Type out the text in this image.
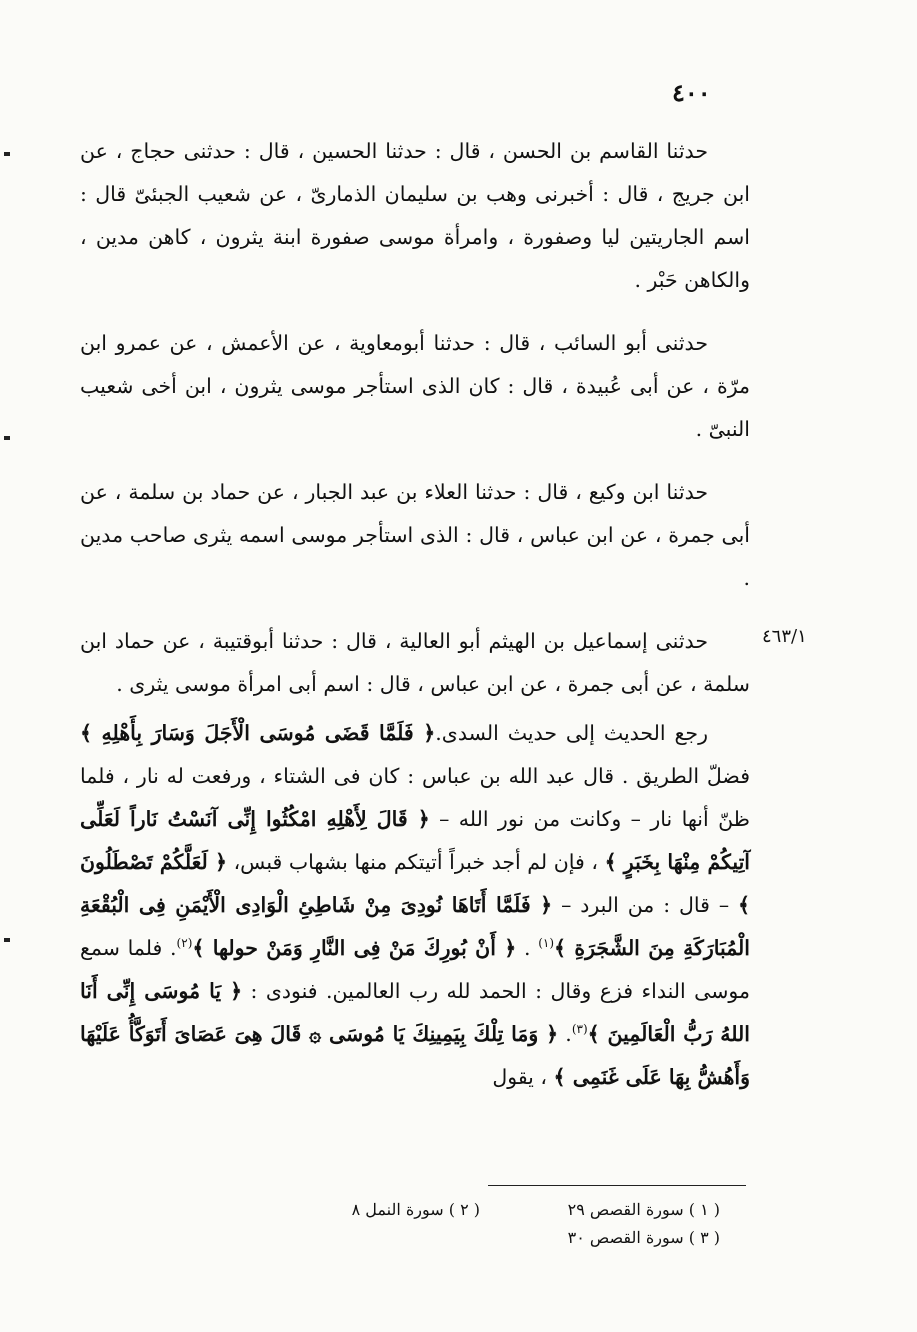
٤٠٠
٤٦٣/١

حدثنا القاسم بن الحسن ، قال : حدثنا الحسين ، قال : حدثنى حجاج ، عن ابن جريج ، قال : أخبرنى وهب بن سليمان الذمارىّ ، عن شعيب الجبئىّ قال : اسم الجاريتين ليا وصفورة ، وامرأة موسى صفورة ابنة يثرون ، كاهن مدين ، والكاهن حَبْر .

حدثنى أبو السائب ، قال : حدثنا أبومعاوية ، عن الأعمش ، عن عمرو ابن مرّة ، عن أبى عُبيدة ، قال : كان الذى استأجر موسى يثرون ، ابن أخى شعيب النبىّ .

حدثنا ابن وكيع ، قال : حدثنا العلاء بن عبد الجبار ، عن حماد بن سلمة ، عن أبى جمرة ، عن ابن عباس ، قال : الذى استأجر موسى اسمه يثرى صاحب مدين .

حدثنى إسماعيل بن الهيثم أبو العالية ، قال : حدثنا أبوقتيبة ، عن حماد ابن سلمة ، عن أبى جمرة ، عن ابن عباس ، قال : اسم أبى امرأة موسى يثرى .

رجع الحديث إلى حديث السدى.﴿ فَلَمَّا قَضَى مُوسَى الْأَجَلَ وَسَارَ بِأَهْلِهِ ﴾ فضلّ الطريق . قال عبد الله بن عباس : كان فى الشتاء ، ورفعت له نار ، فلما ظنّ أنها نار – وكانت من نور الله – ﴿ قَالَ لِأَهْلِهِ امْكُثُوا إِنِّى آنَسْتُ نَاراً لَعَلِّى آتِيكُمْ مِنْهَا بِخَبَرٍ ﴾ ، فإن لم أجد خبراً أتيتكم منها بشهاب قبس، ﴿ لَعَلَّكُمْ تَصْطَلُونَ ﴾ – قال : من البرد – ﴿ فَلَمَّا أَتَاهَا نُودِىَ مِنْ شَاطِئِ الْوَادِى الْأَيْمَنِ فِى الْبُقْعَةِ الْمُبَارَكَةِ مِنَ الشَّجَرَةِ ﴾$^{(١)}$ . ﴿ أَنْ بُورِكَ مَنْ فِى النَّارِ وَمَنْ حولها ﴾$^{(٢)}$. فلما سمع موسى النداء فزع وقال : الحمد لله رب العالمين. فنودى : ﴿ يَا مُوسَى إِنِّى أَنَا اللهُ رَبُّ الْعَالَمِينَ ﴾$^{(٣)}$. ﴿ وَمَا تِلْكَ بِيَمِينِكَ يَا مُوسَى ۞ قَالَ هِىَ عَصَاىَ أَتَوَكَّأُ عَلَيْهَا وَأَهُشُّ بِهَا عَلَى غَنَمِى ﴾ ، يقول

( ١ ) سورة القصص ٢٩
( ٢ ) سورة النمل ٨
( ٣ ) سورة القصص ٣٠
